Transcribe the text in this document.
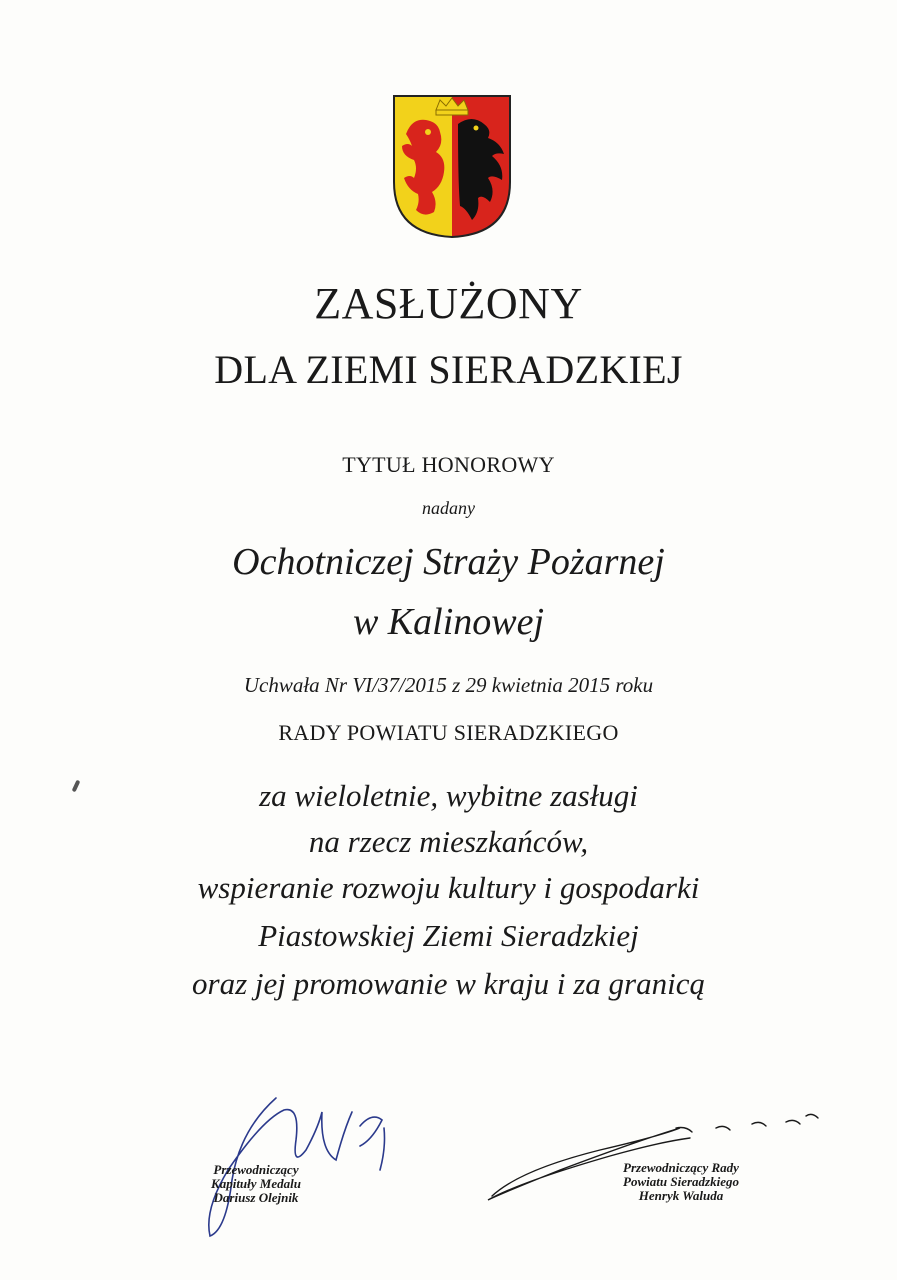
ZASŁUŻONY
DLA ZIEMI SIERADZKIEJ
TYTUŁ HONOROWY
nadany
Ochotniczej Straży Pożarnej
w Kalinowej
Uchwała Nr VI/37/2015 z 29 kwietnia 2015 roku
RADY POWIATU SIERADZKIEGO
za wieloletnie, wybitne zasługi
na rzecz mieszkańców,
wspieranie rozwoju kultury i gospodarki
Piastowskiej Ziemi Sieradzkiej
oraz jej promowanie w kraju i za granicą
Przewodniczący
Kapituły Medalu
Dariusz Olejnik
Przewodniczący Rady
Powiatu Sieradzkiego
Henryk Waluda
